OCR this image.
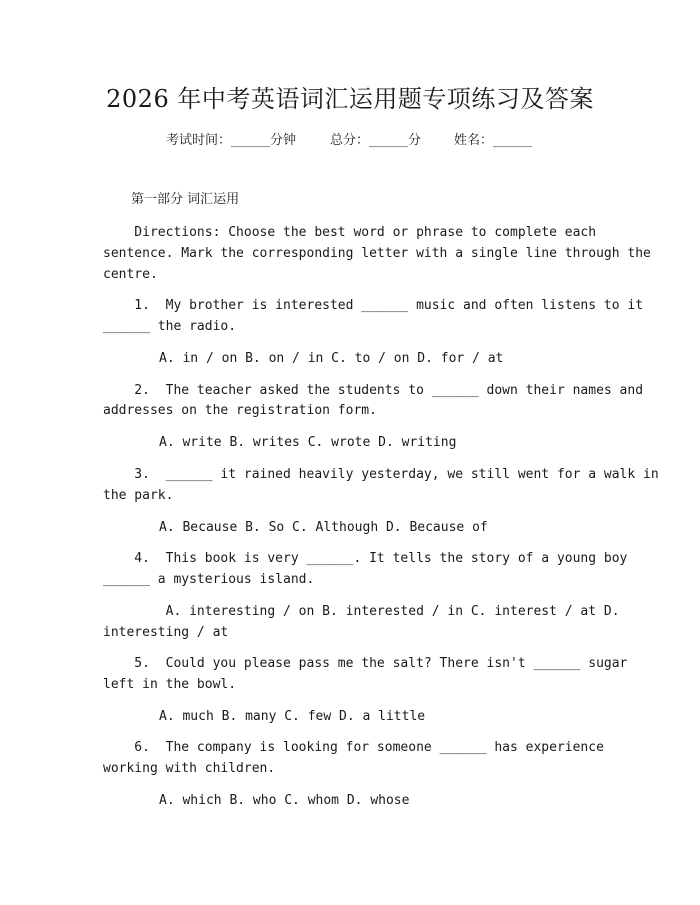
2026 年中考英语词汇运用题专项练习及答案

考试时间：______分钟

	总分：______分

	姓名：______

第一部分 词汇运用
Directions: Choose the best word or phrase to complete each
sentence. Mark the corresponding letter with a single line through the
centre.
1.  My brother is interested ______ music and often listens to it
______ the radio.
A. in / on B. on / in C. to / on D. for / at
2.  The teacher asked the students to ______ down their names and
addresses on the registration form.
A. write B. writes C. wrote D. writing
3.  ______ it rained heavily yesterday, we still went for a walk in
the park.
A. Because B. So C. Although D. Because of
4.  This book is very ______. It tells the story of a young boy
______ a mysterious island.
A. interesting / on B. interested / in C. interest / at D.
interesting / at
5.  Could you please pass me the salt? There isn't ______ sugar
left in the bowl.
A. much B. many C. few D. a little
6.  The company is looking for someone ______ has experience
working with children.
A. which B. who C. whom D. whose
